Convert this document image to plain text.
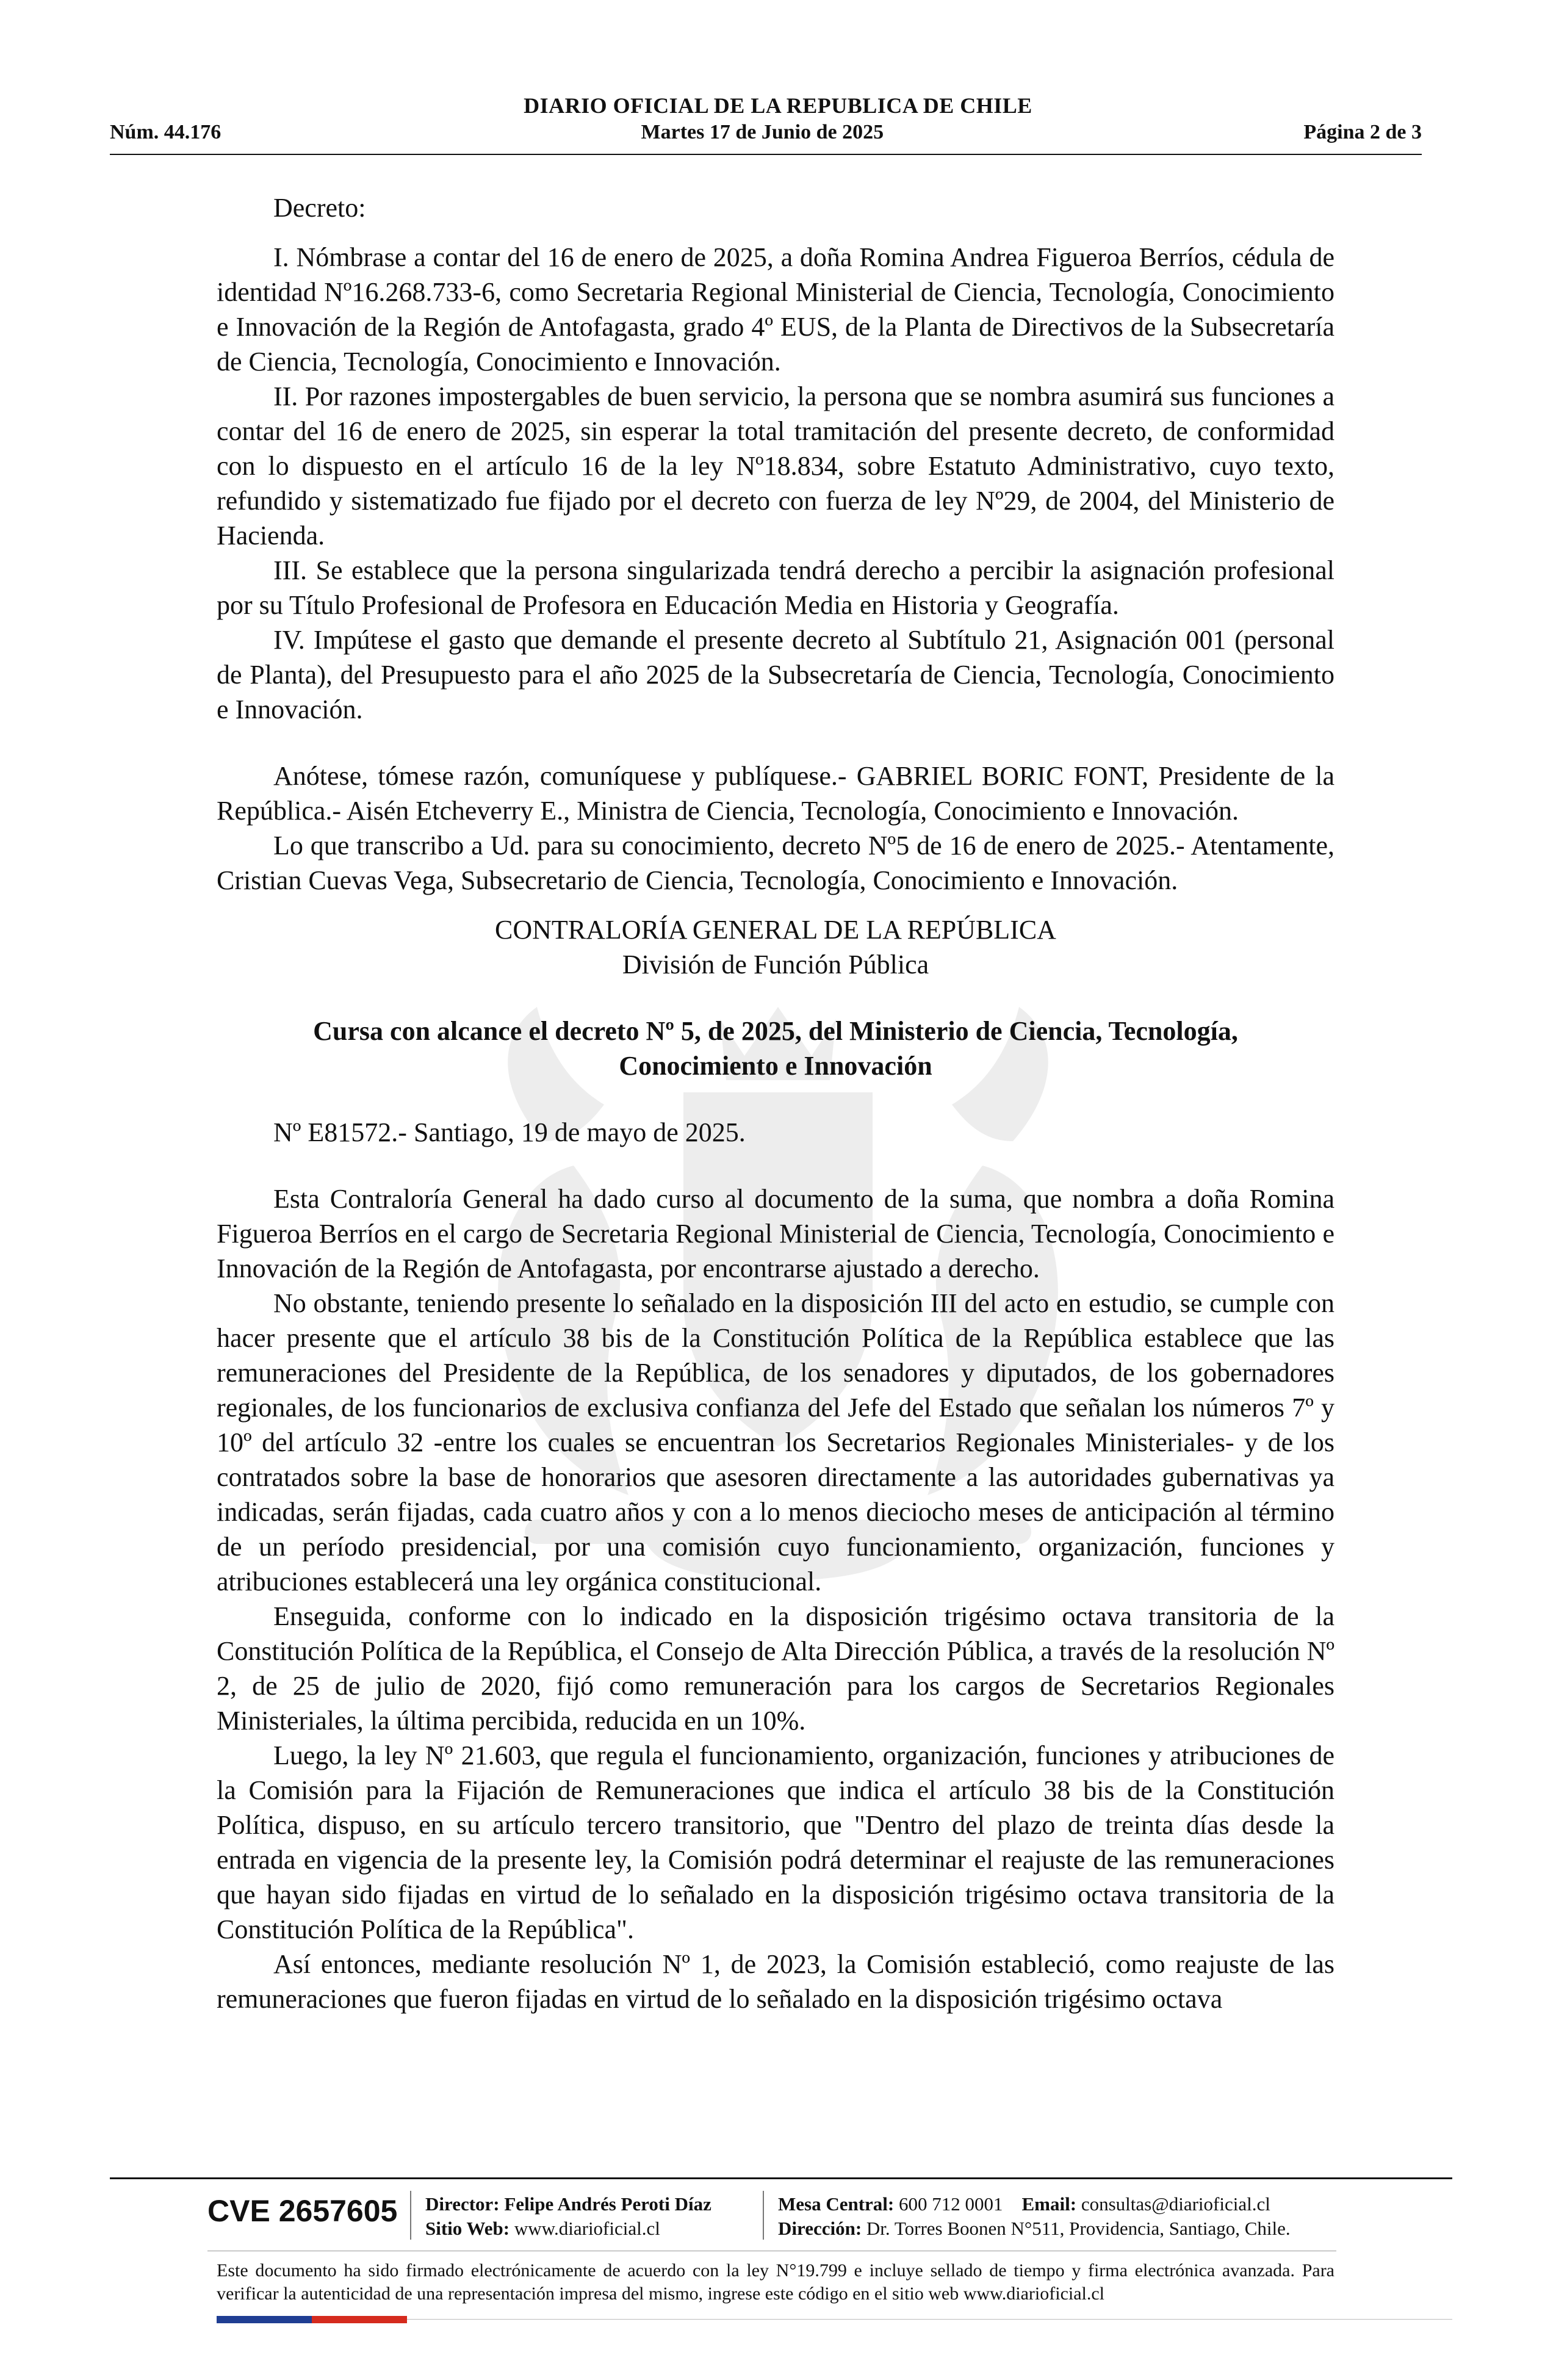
DIARIO OFICIAL DE LA REPUBLICA DE CHILE
Núm. 44.176	Martes 17 de Junio de 2025	Página 2 de 3

Decreto:

I. Nómbrase a contar del 16 de enero de 2025, a doña Romina Andrea Figueroa Berríos, cédula de identidad Nº16.268.733-6, como Secretaria Regional Ministerial de Ciencia, Tecnología, Conocimiento e Innovación de la Región de Antofagasta, grado 4º EUS, de la Planta de Directivos de la Subsecretaría de Ciencia, Tecnología, Conocimiento e Innovación.

II. Por razones impostergables de buen servicio, la persona que se nombra asumirá sus funciones a contar del 16 de enero de 2025, sin esperar la total tramitación del presente decreto, de conformidad con lo dispuesto en el artículo 16 de la ley Nº18.834, sobre Estatuto Administrativo, cuyo texto, refundido y sistematizado fue fijado por el decreto con fuerza de ley Nº29, de 2004, del Ministerio de Hacienda.

III. Se establece que la persona singularizada tendrá derecho a percibir la asignación profesional por su Título Profesional de Profesora en Educación Media en Historia y Geografía.

IV. Impútese el gasto que demande el presente decreto al Subtítulo 21, Asignación 001 (personal de Planta), del Presupuesto para el año 2025 de la Subsecretaría de Ciencia, Tecnología, Conocimiento e Innovación.

Anótese, tómese razón, comuníquese y publíquese.- GABRIEL BORIC FONT, Presidente de la República.- Aisén Etcheverry E., Ministra de Ciencia, Tecnología, Conocimiento e Innovación.

Lo que transcribo a Ud. para su conocimiento, decreto Nº5 de 16 de enero de 2025.- Atentamente, Cristian Cuevas Vega, Subsecretario de Ciencia, Tecnología, Conocimiento e Innovación.

CONTRALORÍA GENERAL DE LA REPÚBLICA

División de Función Pública

Cursa con alcance el decreto Nº 5, de 2025, del Ministerio de Ciencia, Tecnología, Conocimiento e Innovación

Nº E81572.- Santiago, 19 de mayo de 2025.

Esta Contraloría General ha dado curso al documento de la suma, que nombra a doña Romina Figueroa Berríos en el cargo de Secretaria Regional Ministerial de Ciencia, Tecnología, Conocimiento e Innovación de la Región de Antofagasta, por encontrarse ajustado a derecho.

No obstante, teniendo presente lo señalado en la disposición III del acto en estudio, se cumple con hacer presente que el artículo 38 bis de la Constitución Política de la República establece que las remuneraciones del Presidente de la República, de los senadores y diputados, de los gobernadores regionales, de los funcionarios de exclusiva confianza del Jefe del Estado que señalan los números 7º y 10º del artículo 32 -entre los cuales se encuentran los Secretarios Regionales Ministeriales- y de los contratados sobre la base de honorarios que asesoren directamente a las autoridades gubernativas ya indicadas, serán fijadas, cada cuatro años y con a lo menos dieciocho meses de anticipación al término de un período presidencial, por una comisión cuyo funcionamiento, organización, funciones y atribuciones establecerá una ley orgánica constitucional.

Enseguida, conforme con lo indicado en la disposición trigésimo octava transitoria de la Constitución Política de la República, el Consejo de Alta Dirección Pública, a través de la resolución Nº 2, de 25 de julio de 2020, fijó como remuneración para los cargos de Secretarios Regionales Ministeriales, la última percibida, reducida en un 10%.

Luego, la ley Nº 21.603, que regula el funcionamiento, organización, funciones y atribuciones de la Comisión para la Fijación de Remuneraciones que indica el artículo 38 bis de la Constitución Política, dispuso, en su artículo tercero transitorio, que "Dentro del plazo de treinta días desde la entrada en vigencia de la presente ley, la Comisión podrá determinar el reajuste de las remuneraciones que hayan sido fijadas en virtud de lo señalado en la disposición trigésimo octava transitoria de la Constitución Política de la República".

Así entonces, mediante resolución Nº 1, de 2023, la Comisión estableció, como reajuste de las remuneraciones que fueron fijadas en virtud de lo señalado en la disposición trigésimo octava

CVE 2657605 Director: Felipe Andrés Peroti Díaz
Sitio Web: www.diarioficial.cl
Mesa Central: 600 712 0001 Email: consultas@diarioficial.cl
Dirección: Dr. Torres Boonen N°511, Providencia, Santiago, Chile.
Este documento ha sido firmado electrónicamente de acuerdo con la ley N°19.799 e incluye sellado de tiempo y firma electrónica avanzada. Para verificar la autenticidad de una representación impresa del mismo, ingrese este código en el sitio web www.diarioficial.cl
